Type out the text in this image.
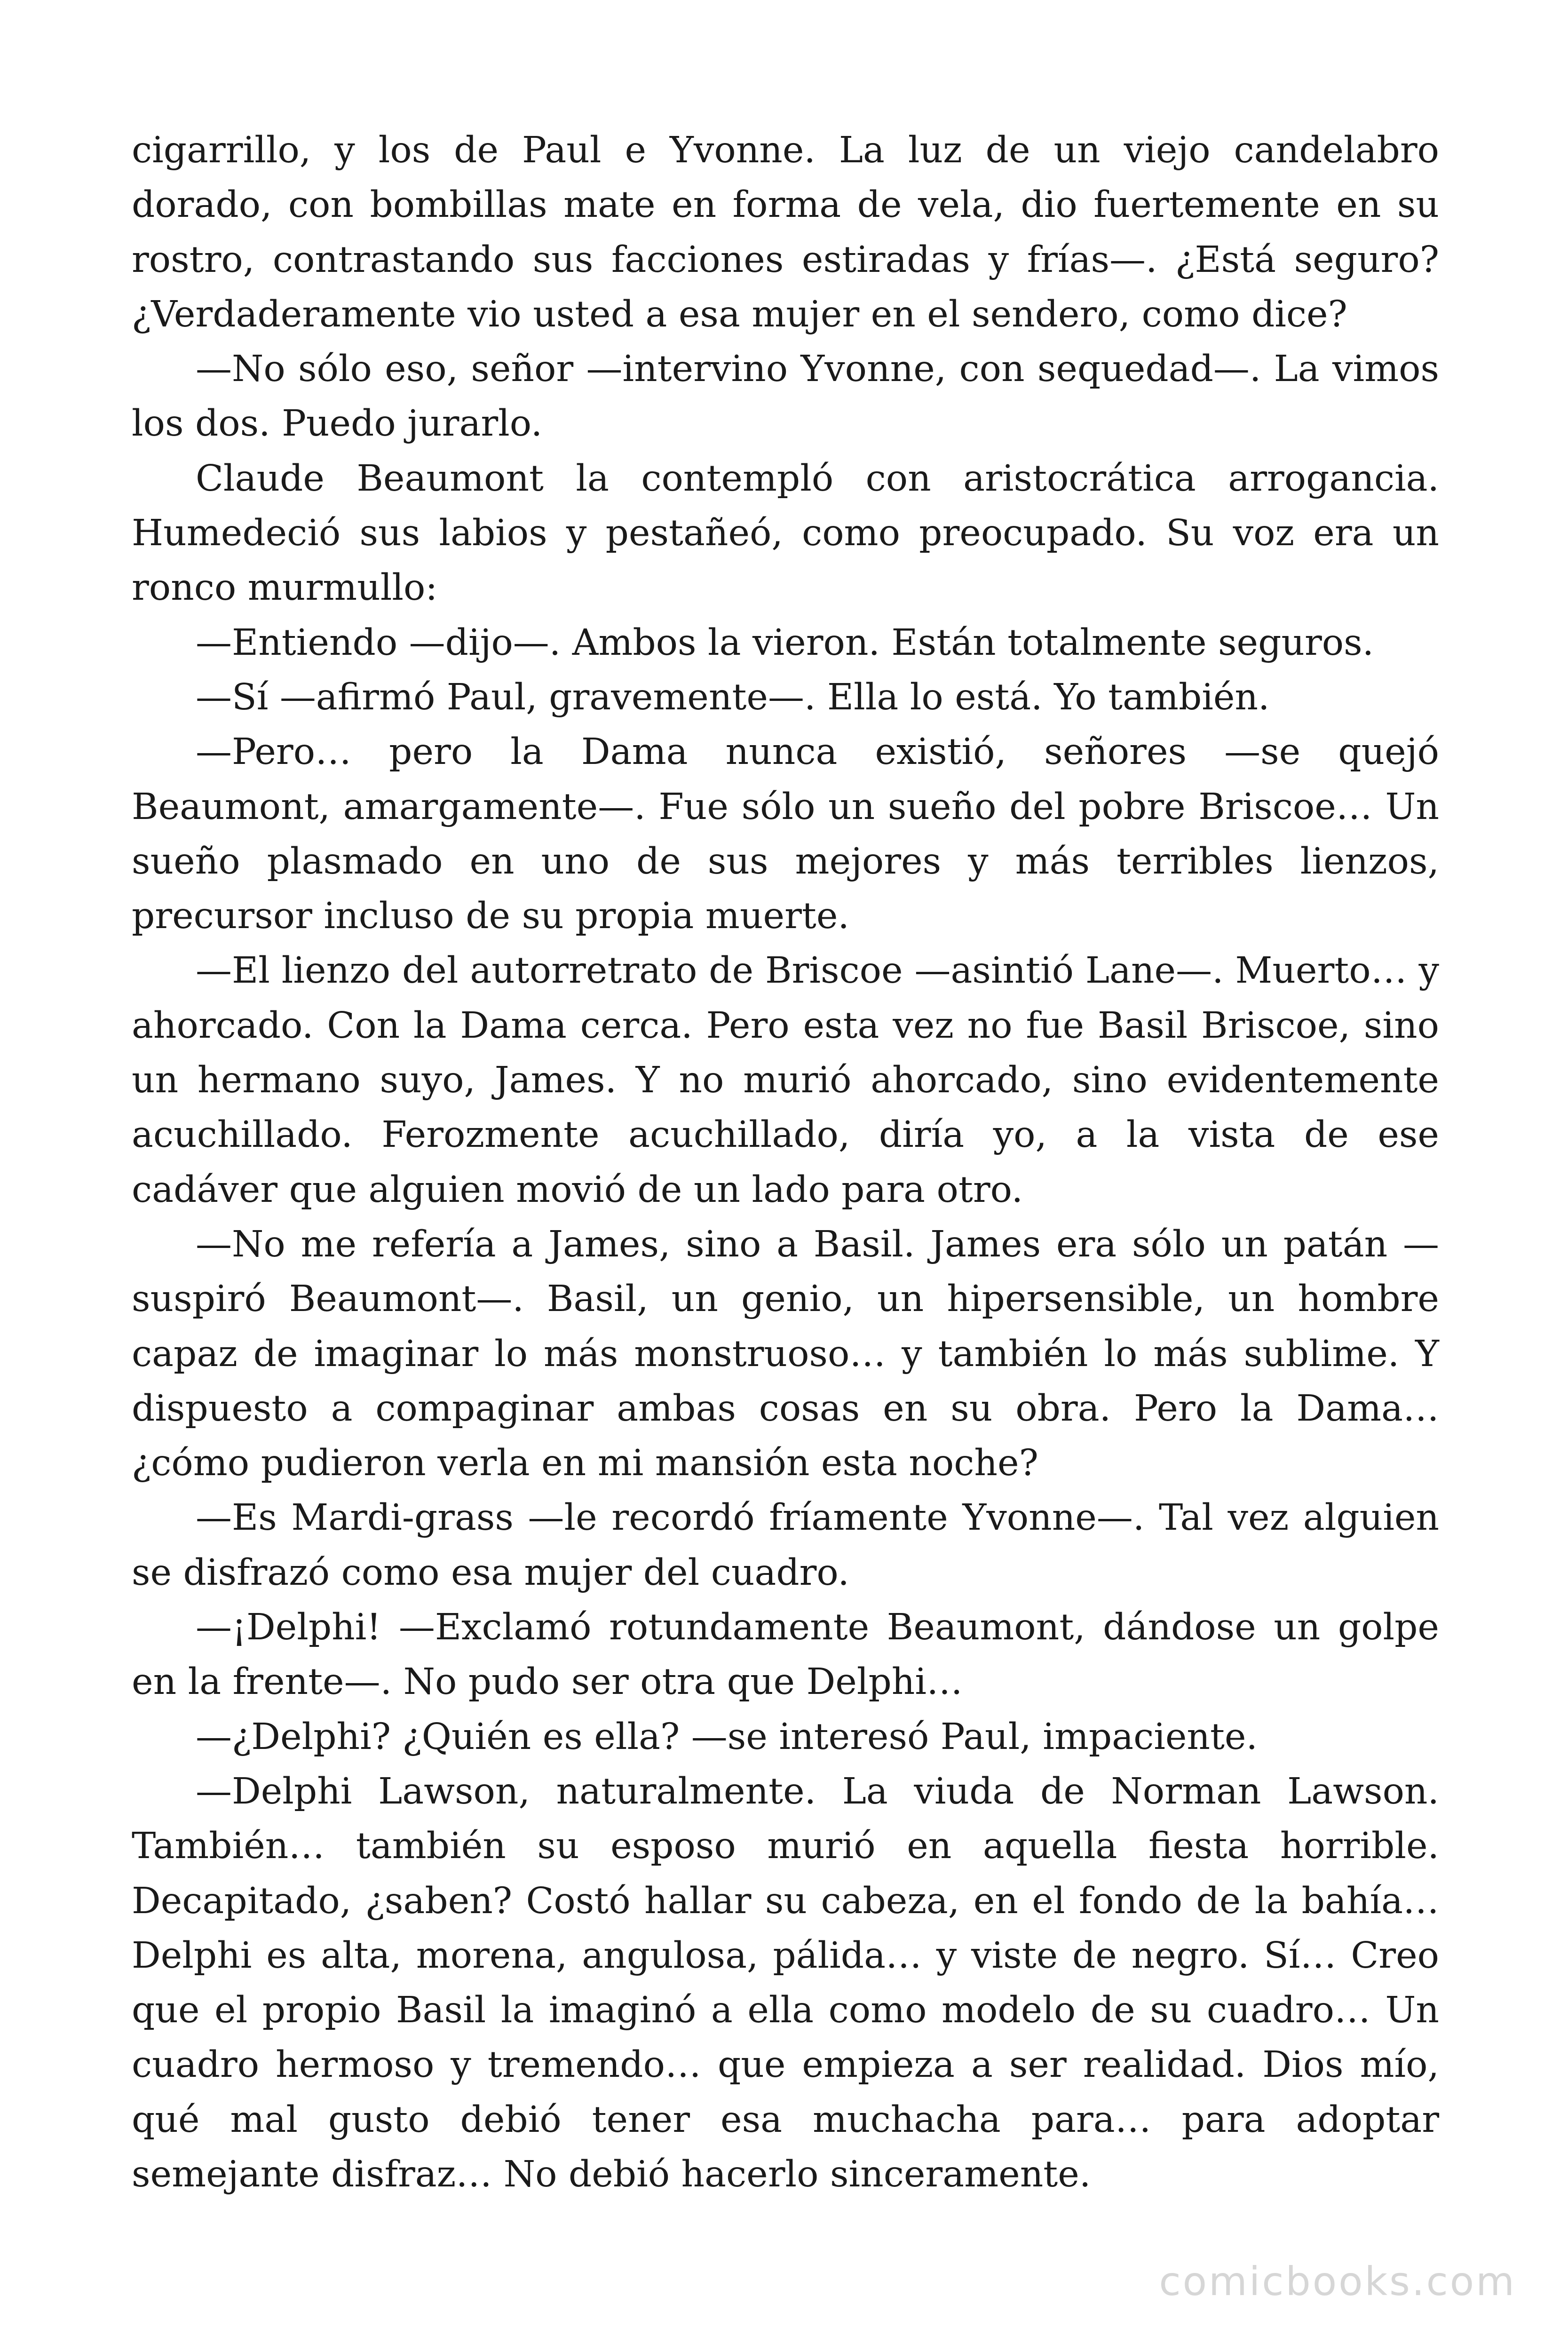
cigarrillo, y los de Paul e Yvonne. La luz de un viejo candelabro dorado, con bombillas mate en forma de vela, dio fuertemente en su rostro, contrastando sus facciones estiradas y frías—. ¿Está seguro? ¿Verdaderamente vio usted a esa mujer en el sendero, como dice?

—No sólo eso, señor —intervino Yvonne, con sequedad—. La vimos los dos. Puedo jurarlo.

Claude Beaumont la contempló con aristocrática arrogancia. Humedeció sus labios y pestañeó, como preocupado. Su voz era un ronco murmullo:

—Entiendo —dijo—. Ambos la vieron. Están totalmente seguros.

—Sí —afirmó Paul, gravemente—. Ella lo está. Yo también.

—Pero… pero la Dama nunca existió, señores —se quejó Beaumont, amargamente—. Fue sólo un sueño del pobre Briscoe… Un sueño plasmado en uno de sus mejores y más terribles lienzos, precursor incluso de su propia muerte.

—El lienzo del autorretrato de Briscoe —asintió Lane—. Muerto… y ahorcado. Con la Dama cerca. Pero esta vez no fue Basil Briscoe, sino un hermano suyo, James. Y no murió ahorcado, sino evidentemente acuchillado. Ferozmente acuchillado, diría yo, a la vista de ese cadáver que alguien movió de un lado para otro.

—No me refería a James, sino a Basil. James era sólo un patán —suspiró Beaumont—. Basil, un genio, un hipersensible, un hombre capaz de imaginar lo más monstruoso… y también lo más sublime. Y dispuesto a compaginar ambas cosas en su obra. Pero la Dama… ¿cómo pudieron verla en mi mansión esta noche?

—Es Mardi-grass —le recordó fríamente Yvonne—. Tal vez alguien se disfrazó como esa mujer del cuadro.

—¡Delphi! —Exclamó rotundamente Beaumont, dándose un golpe en la frente—. No pudo ser otra que Delphi…

—¿Delphi? ¿Quién es ella? —se interesó Paul, impaciente.

—Delphi Lawson, naturalmente. La viuda de Norman Lawson. También… también su esposo murió en aquella fiesta horrible. Decapitado, ¿saben? Costó hallar su cabeza, en el fondo de la bahía… Delphi es alta, morena, angulosa, pálida… y viste de negro. Sí… Creo que el propio Basil la imaginó a ella como modelo de su cuadro… Un cuadro hermoso y tremendo… que empieza a ser realidad. Dios mío, qué mal gusto debió tener esa muchacha para… para adoptar semejante disfraz… No debió hacerlo sinceramente.

comicbooks.com
